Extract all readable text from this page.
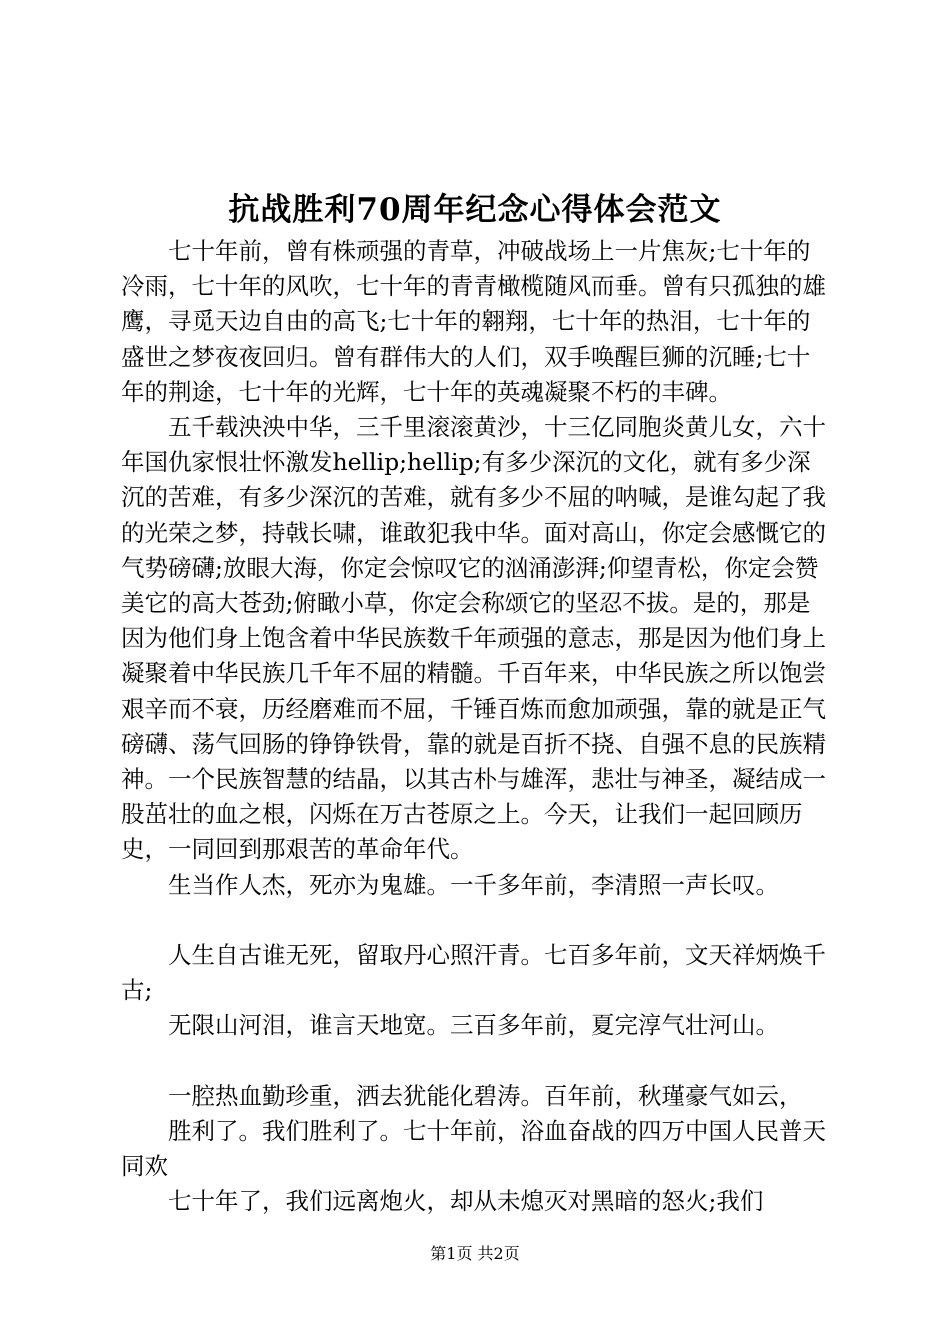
抗战胜利70周年纪念心得体会范文

七十年前，曾有株顽强的青草，冲破战场上一片焦灰;七十年的冷雨，七十年的风吹，七十年的青青橄榄随风而垂。曾有只孤独的雄鹰，寻觅天边自由的高飞;七十年的翱翔，七十年的热泪，七十年的盛世之梦夜夜回归。曾有群伟大的人们，双手唤醒巨狮的沉睡;七十年的荆途，七十年的光辉，七十年的英魂凝聚不朽的丰碑。

五千载泱泱中华，三千里滚滚黄沙，十三亿同胞炎黄儿女，六十年国仇家恨壮怀激发hellip;hellip;有多少深沉的文化，就有多少深沉的苦难，有多少深沉的苦难，就有多少不屈的呐喊，是谁勾起了我的光荣之梦，持戟长啸，谁敢犯我中华。面对高山，你定会感慨它的气势磅礴;放眼大海，你定会惊叹它的汹涌澎湃;仰望青松，你定会赞美它的高大苍劲;俯瞰小草，你定会称颂它的坚忍不拔。是的，那是因为他们身上饱含着中华民族数千年顽强的意志，那是因为他们身上凝聚着中华民族几千年不屈的精髓。千百年来，中华民族之所以饱尝艰辛而不衰，历经磨难而不屈，千锤百炼而愈加顽强，靠的就是正气磅礴、荡气回肠的铮铮铁骨，靠的就是百折不挠、自强不息的民族精神。一个民族智慧的结晶，以其古朴与雄浑，悲壮与神圣，凝结成一股茁壮的血之根，闪烁在万古苍原之上。今天，让我们一起回顾历史，一同回到那艰苦的革命年代。

生当作人杰，死亦为鬼雄。一千多年前，李清照一声长叹。

人生自古谁无死，留取丹心照汗青。七百多年前，文天祥炳焕千古;

无限山河泪，谁言天地宽。三百多年前，夏完淳气壮河山。

一腔热血勤珍重，洒去犹能化碧涛。百年前，秋瑾豪气如云，

胜利了。我们胜利了。七十年前，浴血奋战的四万中国人民普天同欢

七十年了，我们远离炮火，却从未熄灭对黑暗的怒火;我们

第1页 共2页
